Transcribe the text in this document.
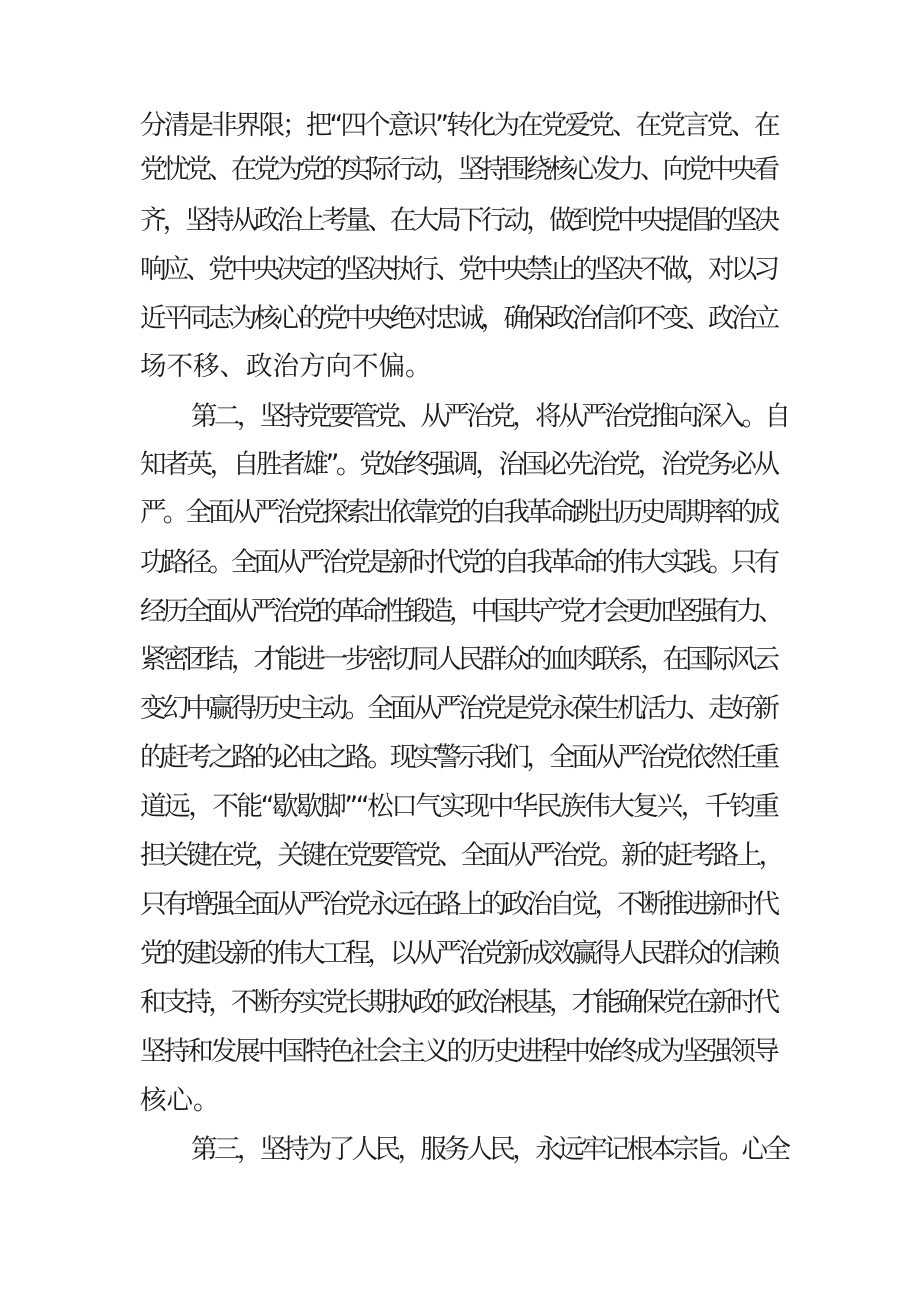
分清是非界限；把“四个意识”转化为在党爱党、在党言党、在
党忧党、在党为党的实际行动，坚持围绕核心发力、向党中央看
齐，坚持从政治上考量、在大局下行动，做到党中央提倡的坚决
响应、党中央决定的坚决执行、党中央禁止的坚决不做，对以习
近平同志为核心的党中央绝对忠诚，确保政治信仰不变、政治立
场不移、政治方向不偏。
第二，坚持党要管党、从严治党，将从严治党推向深入。自
知者英，自胜者雄”。党始终强调，治国必先治党，治党务必从
严。全面从严治党探索出依靠党的自我革命跳出历史周期率的成
功路径。全面从严治党是新时代党的自我革命的伟大实践。只有
经历全面从严治党的革命性锻造，中国共产党才会更加坚强有力、
紧密团结，才能进一步密切同人民群众的血肉联系，在国际风云
变幻中赢得历史主动。全面从严治党是党永葆生机活力、走好新
的赶考之路的必由之路。现实警示我们，全面从严治党依然任重
道远，不能“歇歇脚”“松口气实现中华民族伟大复兴，千钧重
担关键在党，关键在党要管党、全面从严治党。新的赶考路上，
只有增强全面从严治党永远在路上的政治自觉，不断推进新时代
党的建设新的伟大工程，以从严治党新成效赢得人民群众的信赖
和支持，不断夯实党长期执政的政治根基，才能确保党在新时代
坚持和发展中国特色社会主义的历史进程中始终成为坚强领导
核心。
第三，坚持为了人民，服务人民，永远牢记根本宗旨。心全
